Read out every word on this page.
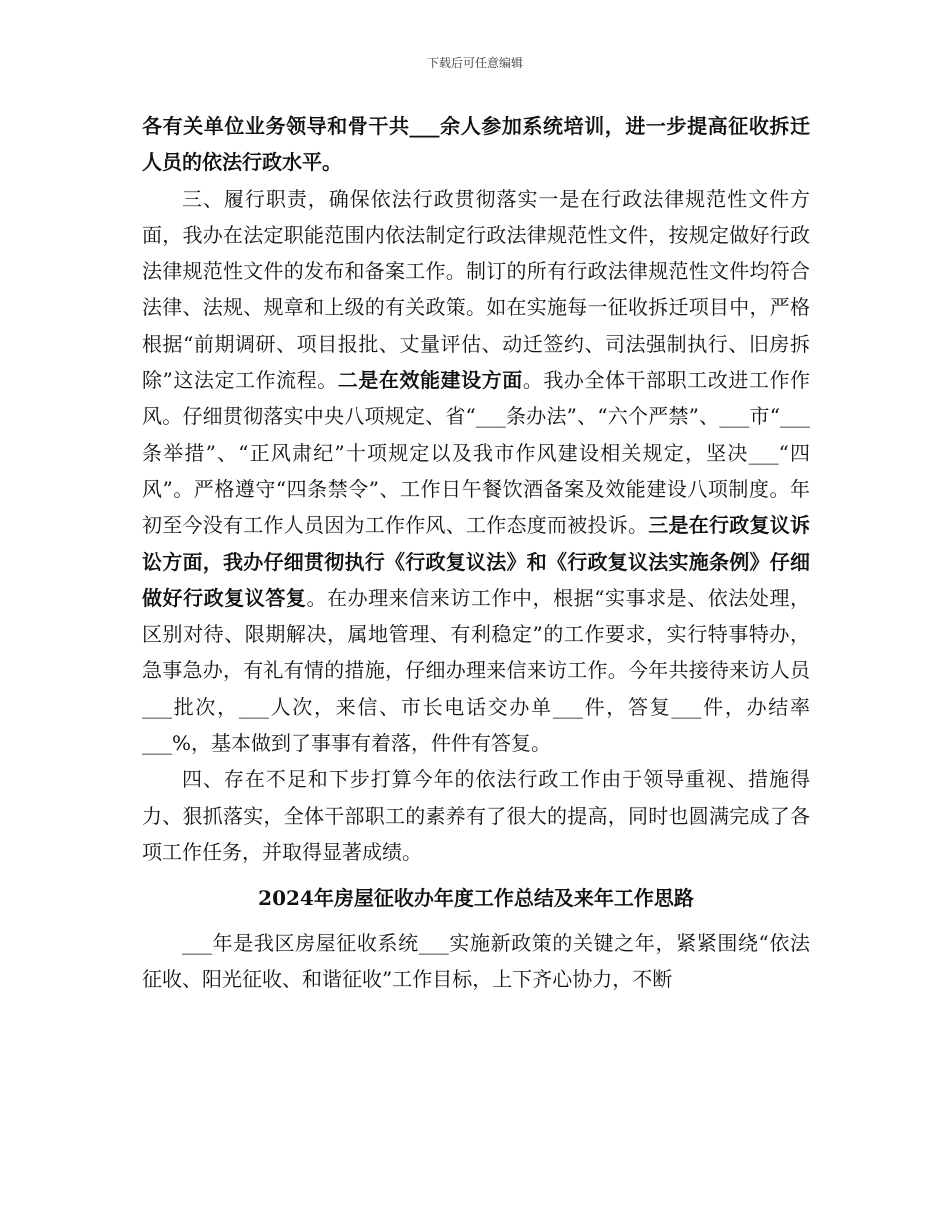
下载后可任意编辑

各有关单位业务领导和骨干共___余人参加系统培训，进一步提高征收拆迁人员的依法行政水平。

三、履行职责，确保依法行政贯彻落实一是在行政法律规范性文件方面，我办在法定职能范围内依法制定行政法律规范性文件，按规定做好行政法律规范性文件的发布和备案工作。制订的所有行政法律规范性文件均符合法律、法规、规章和上级的有关政策。如在实施每一征收拆迁项目中，严格根据“前期调研、项目报批、丈量评估、动迁签约、司法强制执行、旧房拆除”这法定工作流程。二是在效能建设方面。我办全体干部职工改进工作作风。仔细贯彻落实中央八项规定、省“___条办法”、“六个严禁”、___市“___条举措”、“正风肃纪”十项规定以及我市作风建设相关规定，坚决___“四风”。严格遵守“四条禁令”、工作日午餐饮酒备案及效能建设八项制度。年初至今没有工作人员因为工作作风、工作态度而被投诉。三是在行政复议诉讼方面，我办仔细贯彻执行《行政复议法》和《行政复议法实施条例》仔细做好行政复议答复。在办理来信来访工作中，根据“实事求是、依法处理，区别对待、限期解决，属地管理、有利稳定”的工作要求，实行特事特办，急事急办，有礼有情的措施，仔细办理来信来访工作。今年共接待来访人员___批次，___人次，来信、市长电话交办单___件，答复___件，办结率___%，基本做到了事事有着落，件件有答复。

四、存在不足和下步打算今年的依法行政工作由于领导重视、措施得力、狠抓落实，全体干部职工的素养有了很大的提高，同时也圆满完成了各项工作任务，并取得显著成绩。

2024年房屋征收办年度工作总结及来年工作思路

___年是我区房屋征收系统___实施新政策的关键之年，紧紧围绕“依法征收、阳光征收、和谐征收”工作目标，上下齐心协力，不断
